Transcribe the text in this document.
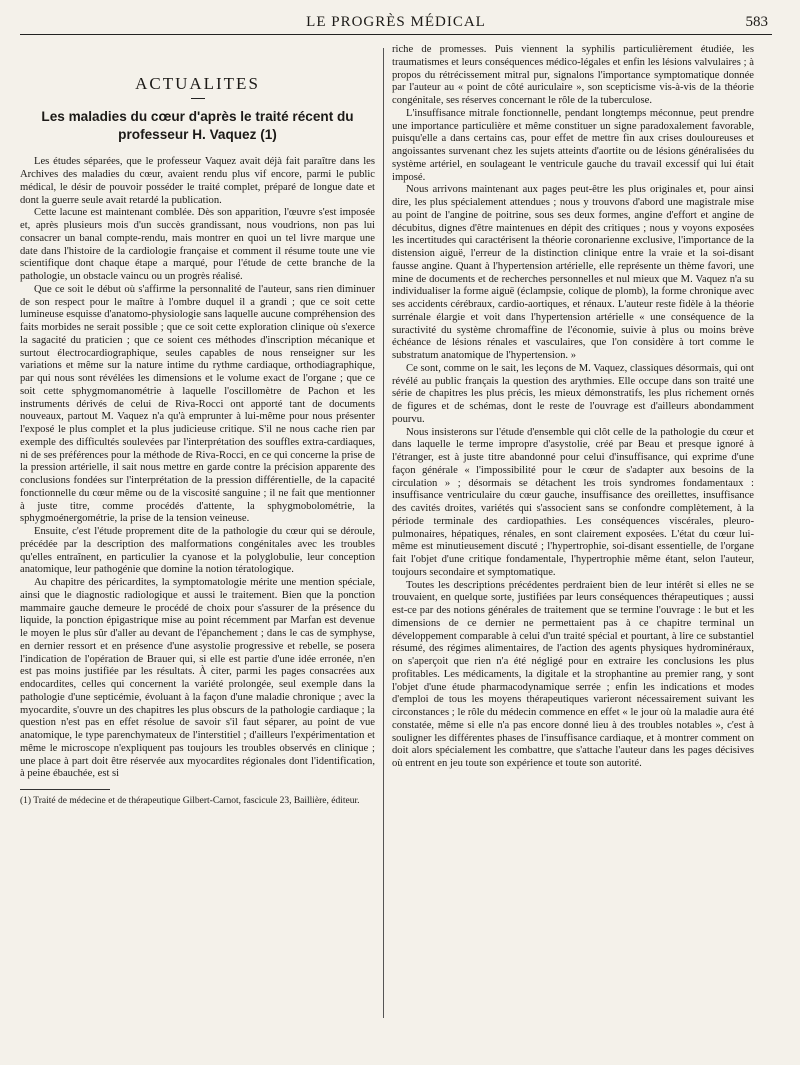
LE PROGRÈS MÉDICAL	583
ACTUALITES
Les maladies du cœur d'après le traité récent du professeur H. Vaquez (1)

Les études séparées, que le professeur Vaquez avait déjà fait paraître dans les Archives des maladies du cœur, avaient rendu plus vif encore, parmi le public médical, le désir de pouvoir posséder le traité complet, préparé de longue date et dont la guerre seule avait retardé la publication.

Cette lacune est maintenant comblée. Dès son apparition, l'œuvre s'est imposée et, après plusieurs mois d'un succès grandissant, nous voudrions, non pas lui consacrer un banal compte-rendu, mais montrer en quoi un tel livre marque une date dans l'histoire de la cardiologie française et comment il résume toute une vie scientifique dont chaque étape a marqué, pour l'étude de cette branche de la pathologie, un obstacle vaincu ou un progrès réalisé.

Que ce soit le début où s'affirme la personnalité de l'auteur, sans rien diminuer de son respect pour le maître à l'ombre duquel il a grandi ; que ce soit cette lumineuse esquisse d'anatomo-physiologie sans laquelle aucune compréhension des faits morbides ne serait possible ; que ce soit cette exploration clinique où s'exerce la sagacité du praticien ; que ce soient ces méthodes d'inscription mécanique et surtout électrocardiographique, seules capables de nous renseigner sur les variations et même sur la nature intime du rythme cardiaque, orthodiagraphique, par qui nous sont révélées les dimensions et le volume exact de l'organe ; que ce soit cette sphygmomanométrie à laquelle l'oscillomètre de Pachon et les instruments dérivés de celui de Riva-Rocci ont apporté tant de documents nouveaux, partout M. Vaquez n'a qu'à emprunter à lui-même pour nous présenter l'exposé le plus complet et la plus judicieuse critique. S'il ne nous cache rien par exemple des difficultés soulevées par l'interprétation des souffles extra-cardiaques, ni de ses préférences pour la méthode de Riva-Rocci, en ce qui concerne la prise de la pression artérielle, il sait nous mettre en garde contre la précision apparente des conclusions fondées sur l'interprétation de la pression différentielle, de la capacité fonctionnelle du cœur même ou de la viscosité sanguine ; il ne fait que mentionner à juste titre, comme procédés d'attente, la sphygmobolométrie, la sphygmoénergométrie, la prise de la tension veineuse.

Ensuite, c'est l'étude proprement dite de la pathologie du cœur qui se déroule, précédée par la description des malformations congénitales avec les troubles qu'elles entraînent, en particulier la cyanose et la polyglobulie, leur conception anatomique, leur pathogénie que domine la notion tératologique.

Au chapitre des péricardites, la symptomatologie mérite une mention spéciale, ainsi que le diagnostic radiologique et aussi le traitement. Bien que la ponction mammaire gauche demeure le procédé de choix pour s'assurer de la présence du liquide, la ponction épigastrique mise au point récemment par Marfan est devenue le moyen le plus sûr d'aller au devant de l'épanchement ; dans le cas de symphyse, en dernier ressort et en présence d'une asystolie progressive et rebelle, se posera l'indication de l'opération de Brauer qui, si elle est partie d'une idée erronée, n'en est pas moins justifiée par les résultats. À citer, parmi les pages consacrées aux endocardites, celles qui concernent la variété prolongée, seul exemple dans la pathologie d'une septicémie, évoluant à la façon d'une maladie chronique ; avec la myocardite, s'ouvre un des chapitres les plus obscurs de la pathologie cardiaque ; la question n'est pas en effet résolue de savoir s'il faut séparer, au point de vue anatomique, le type parenchymateux de l'interstitiel ; d'ailleurs l'expérimentation et même le microscope n'expliquent pas toujours les troubles observés en clinique ; une place à part doit être réservée aux myocardites régionales dont l'identification, à peine ébauchée, est si

(1) Traité de médecine et de thérapeutique Gilbert-Carnot, fascicule 23, Baillière, éditeur.

riche de promesses. Puis viennent la syphilis particulièrement étudiée, les traumatismes et leurs conséquences médico-légales et enfin les lésions valvulaires ; à propos du rétrécissement mitral pur, signalons l'importance symptomatique donnée par l'auteur au « point de côté auriculaire », son scepticisme vis-à-vis de la théorie congénitale, ses réserves concernant le rôle de la tuberculose.

L'insuffisance mitrale fonctionnelle, pendant longtemps méconnue, peut prendre une importance particulière et même constituer un signe paradoxalement favorable, puisqu'elle a dans certains cas, pour effet de mettre fin aux crises douloureuses et angoissantes survenant chez les sujets atteints d'aortite ou de lésions généralisées du système artériel, en soulageant le ventricule gauche du travail excessif qui lui était imposé.

Nous arrivons maintenant aux pages peut-être les plus originales et, pour ainsi dire, les plus spécialement attendues ; nous y trouvons d'abord une magistrale mise au point de l'angine de poitrine, sous ses deux formes, angine d'effort et angine de décubitus, dignes d'être maintenues en dépit des critiques ; nous y voyons exposées les incertitudes qui caractérisent la théorie coronarienne exclusive, l'importance de la distension aiguë, l'erreur de la distinction clinique entre la vraie et la soi-disant fausse angine. Quant à l'hypertension artérielle, elle représente un thème favori, une mine de documents et de recherches personnelles et nul mieux que M. Vaquez n'a su individualiser la forme aiguë (éclampsie, colique de plomb), la forme chronique avec ses accidents cérébraux, cardio-aortiques, et rénaux. L'auteur reste fidèle à la théorie surrénale élargie et voit dans l'hypertension artérielle « une conséquence de la suractivité du système chromaffine de l'économie, suivie à plus ou moins brève échéance de lésions rénales et vasculaires, que l'on considère à tort comme le substratum anatomique de l'hypertension. »

Ce sont, comme on le sait, les leçons de M. Vaquez, classiques désormais, qui ont révélé au public français la question des arythmies. Elle occupe dans son traité une série de chapitres les plus précis, les mieux démonstratifs, les plus richement ornés de figures et de schémas, dont le reste de l'ouvrage est d'ailleurs abondamment pourvu.

Nous insisterons sur l'étude d'ensemble qui clôt celle de la pathologie du cœur et dans laquelle le terme impropre d'asystolie, créé par Beau et presque ignoré à l'étranger, est à juste titre abandonné pour celui d'insuffisance, qui exprime d'une façon générale « l'impossibilité pour le cœur de s'adapter aux besoins de la circulation » ; désormais se détachent les trois syndromes fondamentaux : insuffisance ventriculaire du cœur gauche, insuffisance des oreillettes, insuffisance des cavités droites, variétés qui s'associent sans se confondre complètement, à la période terminale des cardiopathies. Les conséquences viscérales, pleuro-pulmonaires, hépatiques, rénales, en sont clairement exposées. L'état du cœur lui-même est minutieusement discuté ; l'hypertrophie, soi-disant essentielle, de l'organe fait l'objet d'une critique fondamentale, l'hypertrophie même étant, selon l'auteur, toujours secondaire et symptomatique.

Toutes les descriptions précédentes perdraient bien de leur intérêt si elles ne se trouvaient, en quelque sorte, justifiées par leurs conséquences thérapeutiques ; aussi est-ce par des notions générales de traitement que se termine l'ouvrage : le but et les dimensions de ce dernier ne permettaient pas à ce chapitre terminal un développement comparable à celui d'un traité spécial et pourtant, à lire ce substantiel résumé, des régimes alimentaires, de l'action des agents physiques hydrominéraux, on s'aperçoit que rien n'a été négligé pour en extraire les conclusions les plus profitables. Les médicaments, la digitale et la strophantine au premier rang, y sont l'objet d'une étude pharmacodynamique serrée ; enfin les indications et modes d'emploi de tous les moyens thérapeutiques varieront nécessairement suivant les circonstances ; le rôle du médecin commence en effet « le jour où la maladie aura été constatée, même si elle n'a pas encore donné lieu à des troubles notables », c'est à souligner les différentes phases de l'insuffisance cardiaque, et à montrer comment on doit alors spécialement les combattre, que s'attache l'auteur dans les pages décisives où entrent en jeu toute son expérience et toute son autorité.
